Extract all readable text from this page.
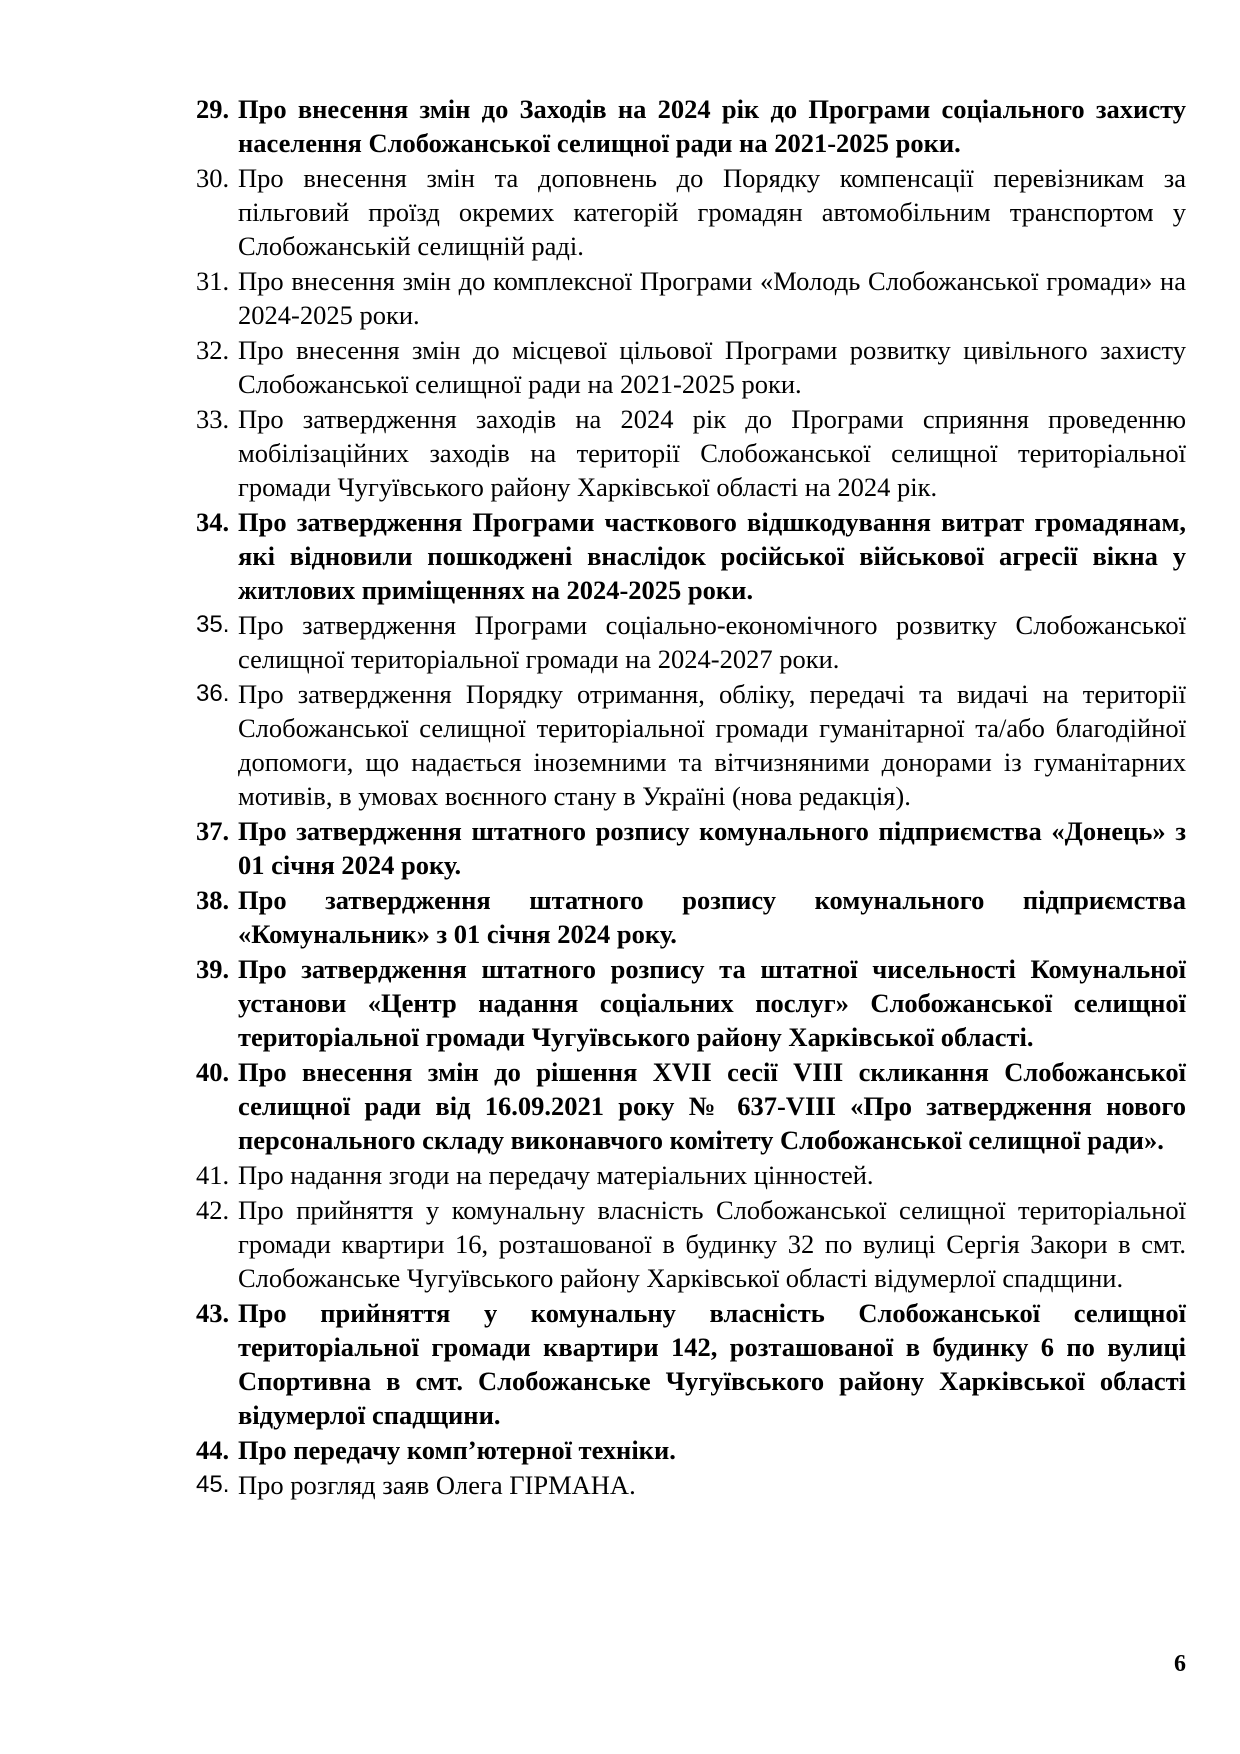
29. Про внесення змін до Заходів на 2024 рік до Програми соціального захисту населення Слобожанської селищної ради на 2021-2025 роки.
30. Про внесення змін та доповнень до Порядку компенсації перевізникам за пільговий проїзд окремих категорій громадян автомобільним транспортом у Слобожанській селищній раді.
31. Про внесення змін до комплексної Програми «Молодь Слобожанської громади» на 2024-2025 роки.
32. Про внесення змін до місцевої цільової Програми розвитку цивільного захисту Слобожанської селищної ради на 2021-2025 роки.
33. Про затвердження заходів на 2024 рік до Програми сприяння проведенню мобілізаційних заходів на території Слобожанської селищної територіальної громади Чугуївського району Харківської області на 2024 рік.
34. Про затвердження Програми часткового відшкодування витрат громадянам, які відновили пошкоджені внаслідок російської військової агресії вікна у житлових приміщеннях на 2024-2025 роки.
35. Про затвердження Програми соціально-економічного розвитку Слобожанської селищної територіальної громади на 2024-2027 роки.
36. Про затвердження Порядку отримання, обліку, передачі та видачі на території Слобожанської селищної територіальної громади гуманітарної та/або благодійної допомоги, що надається іноземними та вітчизняними донорами із гуманітарних мотивів, в умовах воєнного стану в Україні (нова редакція).
37. Про затвердження штатного розпису комунального підприємства «Донець» з 01 січня 2024 року.
38. Про затвердження штатного розпису комунального підприємства «Комунальник» з 01 січня 2024 року.
39. Про затвердження штатного розпису та штатної чисельності Комунальної установи «Центр надання соціальних послуг» Слобожанської селищної територіальної громади Чугуївського району Харківської області.
40. Про внесення змін до рішення XVII сесії VIII скликання Слобожанської селищної ради від 16.09.2021 року № 637-VIII «Про затвердження нового персонального складу виконавчого комітету Слобожанської селищної ради».
41. Про надання згоди на передачу матеріальних цінностей.
42. Про прийняття у комунальну власність Слобожанської селищної територіальної громади квартири 16, розташованої в будинку 32 по вулиці Сергія Закори в смт. Слобожанське Чугуївського району Харківської області відумерлої спадщини.
43. Про прийняття у комунальну власність Слобожанської селищної територіальної громади квартири 142, розташованої в будинку 6 по вулиці Спортивна в смт. Слобожанське Чугуївського району Харківської області відумерлої спадщини.
44. Про передачу комп’ютерної техніки.
45. Про розгляд заяв Олега ГІРМАНА.
6
